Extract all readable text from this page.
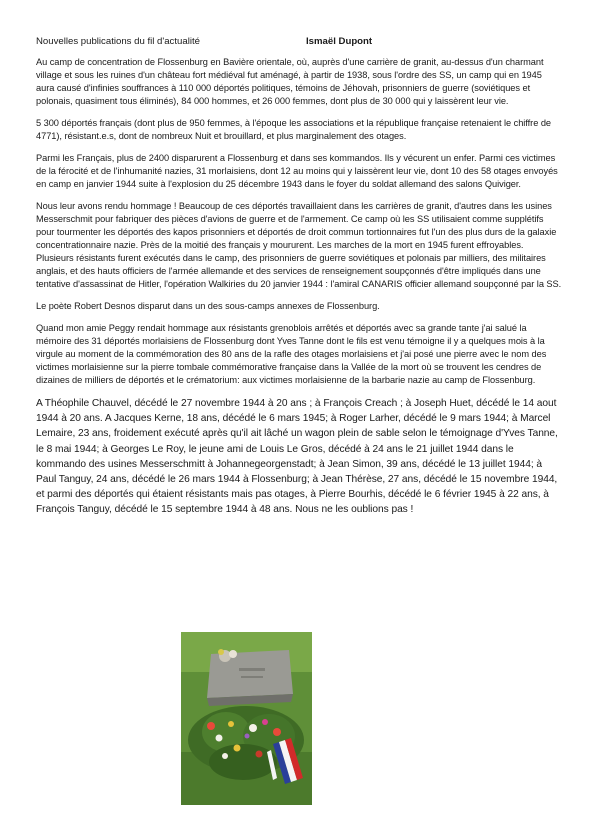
Nouvelles publications du fil d'actualité	Ismaël Dupont

Au camp de concentration de Flossenburg en Bavière orientale, où, auprès d'une carrière de granit, au-dessus d'un charmant village et sous les ruines d'un château fort médiéval fut aménagé, à partir de 1938, sous l'ordre des SS, un camp qui en 1945 aura causé d'infinies souffrances à 110 000 déportés politiques, témoins de Jéhovah, prisonniers de guerre (soviétiques et polonais, quasiment tous éliminés), 84 000 hommes, et 26 000 femmes, dont plus de 30 000 qui y laissèrent leur vie.

5 300 déportés français (dont plus de 950 femmes, à l'époque les associations et la république française retenaient le chiffre de 4771), résistant.e.s, dont de nombreux Nuit et brouillard, et plus marginalement des otages.

Parmi les Français, plus de 2400 disparurent a Flossenburg et dans ses kommandos. Ils y vécurent un enfer. Parmi ces victimes de la férocité et de l'inhumanité nazies, 31 morlaisiens, dont 12 au moins qui y laissèrent leur vie, dont 10 des 58 otages envoyés en camp en janvier 1944 suite à l'explosion du 25 décembre 1943 dans le foyer du soldat allemand des salons Quiviger.

Nous leur avons rendu hommage ! Beaucoup de ces déportés travaillaient dans les carrières de granit, d'autres dans les usines Messerschmit pour fabriquer des pièces d'avions de guerre et de l'armement. Ce camp où les SS utilisaient comme supplétifs pour tourmenter les déportés des kapos prisonniers et déportés de droit commun tortionnaires fut l'un des plus durs de la galaxie concentrationnaire nazie. Près de la moitié des français y moururent. Les marches de la mort en 1945 furent effroyables. Plusieurs résistants furent exécutés dans le camp, des prisonniers de guerre soviétiques et polonais par milliers, des militaires anglais, et des hauts officiers de l'armée allemande et des services de renseignement soupçonnés d'être impliqués dans une tentative d'assassinat de Hitler, l'opération Walkiries du 20 janvier 1944 : l'amiral CANARIS officier allemand soupçonné par la SS.

Le poète Robert Desnos disparut dans un des sous-camps annexes de Flossenburg.

Quand mon amie Peggy rendait hommage aux résistants grenoblois arrêtés et déportés avec sa grande tante j'ai salué la mémoire des 31 déportés morlaisiens de Flossenburg dont Yves Tanne dont le fils est venu témoigne il y a quelques mois à la virgule au moment de la commémoration des 80 ans de la rafle des otages morlaisiens et j'ai posé une pierre avec le nom des victimes morlaisienne sur la pierre tombale commémorative française dans la Vallée de la mort où se trouvent les cendres de dizaines de milliers de déportés et le crématorium: aux victimes morlaisienne de la barbarie nazie au camp de Flossenburg.

A Théophile Chauvel, décédé le 27 novembre 1944 à 20 ans ; à François Creach ; à Joseph Huet, décédé le 14 aout 1944 à 20 ans. A Jacques Kerne, 18 ans, décédé le 6 mars 1945; à Roger Larher, décédé le 9 mars 1944; à Marcel Lemaire, 23 ans, froidement exécuté après qu'il ait lâché un wagon plein de sable selon le témoignage d'Yves Tanne, le 8 mai 1944; à Georges Le Roy, le jeune ami de Louis Le Gros, décédé à 24 ans le 21 juillet 1944 dans le kommando des usines Messerschmitt à Johannegeorgenstadt; à Jean Simon, 39 ans, décédé le 13 juillet 1944; à Paul Tanguy, 24 ans, décédé le 26 mars 1944 à Flossenburg; à Jean Thérèse, 27 ans, décédé le 15 novembre 1944, et parmi des déportés qui étaient résistants mais pas otages, à Pierre Bourhis, décédé le 6 février 1945 à 22 ans, à François Tanguy, décédé le 15 septembre 1944 à 48 ans. Nous ne les oublions pas !
